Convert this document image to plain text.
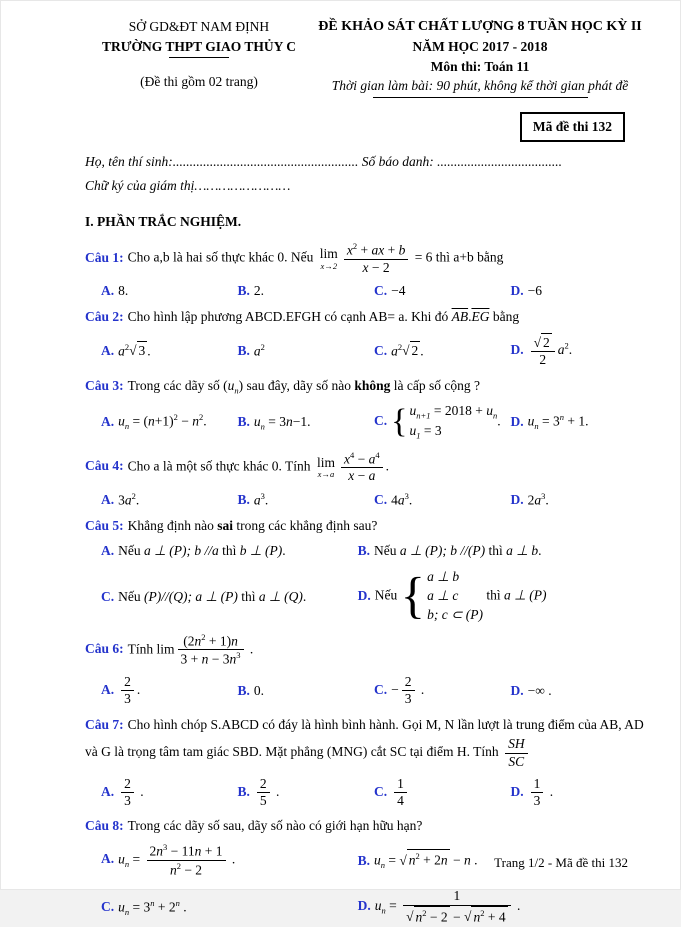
SỞ GD&ĐT NAM ĐỊNH
TRƯỜNG THPT GIAO THỦY C
(Đề thi gồm 02 trang)
ĐỀ KHẢO SÁT CHẤT LƯỢNG 8 TUẦN HỌC KỲ II
NĂM HỌC 2017 - 2018
Môn thi: Toán 11
Thời gian làm bài: 90 phút, không kể thời gian phát đề
Mã đề thi 132
Họ, tên thí sinh:....................................................... Số báo danh: .....................................
Chữ ký của giám thị……………………
I. PHẦN TRẮC NGHIỆM.
Câu 1: Cho a,b là hai số thực khác 0. Nếu lim
$x\to 2 \frac{x^2 + ax + b}{x - 2} = 6$ thì a+b bằng
A. 8.	B. 2.	C. −4	D. −6
Câu 2: Cho hình lập phương ABCD.EFGH có cạnh AB= a. Khi đó $\overline{AB}.\overline{EG}$ bằng
A. $a^2√$ 3 .	B. $a^2$	C. $a^2√$ 2 .	D. $\frac{√ 2}{2} a^2$.
Câu 3: Trong các dãy số $(u_n)$ sau đây, dãy số nào không là cấp số cộng ?
A. $u_n = (n+1)^2 - n^2$.	B. $u_n = 3n-1$.	C. { $u_{n+1} = 2018 + u_n$
$u_1 = 3$
. D. $u_n = 3^n + 1$.
Câu 4: Cho a là một số thực khác 0. Tính lim
$x\to a \frac{x^4 - a^4}{x - a}$ .
A. $3a^2$.	B. $a^3$.	C. $4a^3$.	D. $2a^3$.
Câu 5: Khẳng định nào sai trong các khẳng định sau?
A. Nếu a ⊥ (P); b //a thì b ⊥ (P).	B. Nếu a ⊥ (P); b //(P) thì a ⊥ b.
C. Nếu (P)//(Q); a ⊥ (P) thì a ⊥ (Q).	D. Nếu { a ⊥ b
a ⊥ c
b; c ⊂ (P)
thì a ⊥ (P)
Câu 6: Tính $\lim \frac{(2n^2 + 1)n}{3 + n - 3n^3}$ .
A. $\frac{2}{3}$ .	B. 0.	C. − $\frac{2}{3}$ .	D. −∞ .
Câu 7: Cho hình chóp S.ABCD có đáy là hình bình hành. Gọi M, N lần lượt là trung điểm của AB, AD và G là trọng tâm tam giác SBD. Mặt phẳng (MNG) cắt SC tại điểm H. Tính $\frac{SH}{SC}$
A. $\frac{2}{3}$ .	B. $\frac{2}{5}$ .	C. $\frac{1}{4}$	D. $\frac{1}{3}$ .
Câu 8: Trong các dãy số sau, dãy số nào có giới hạn hữu hạn?
A. $u_n = \frac{2n^3 - 11n + 1}{n^2 - 2}$ .	B. $u_n$ = √ $n^2 + 2n - n$ .
C. $u_n = 3^n + 2^n$ .	D. $u_n = \frac{1}{√ n^2 - 2 - √ n^2 + 4}$ .
Trang 1/2 - Mã đề thi 132
